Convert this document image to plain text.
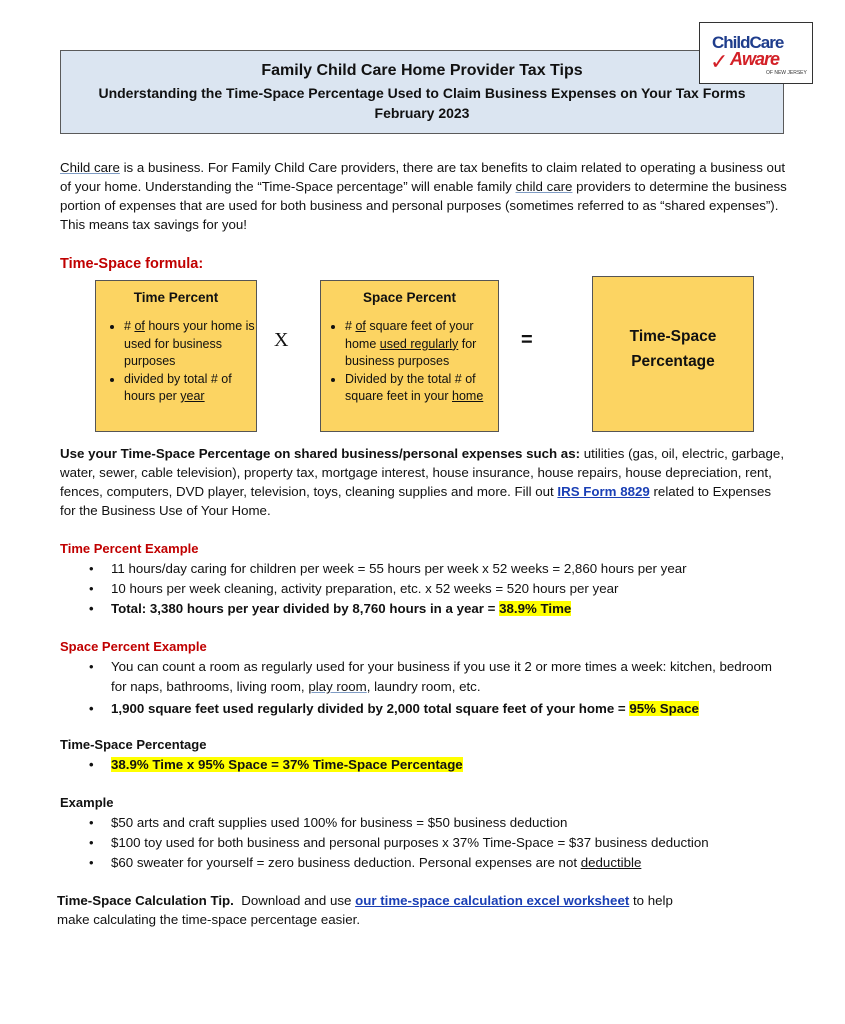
Family Child Care Home Provider Tax Tips
Understanding the Time-Space Percentage Used to Claim Business Expenses on Your Tax Forms
February 2023
ChildCare
✓ Aware
OF NEW JERSEY
Child care is a business. For Family Child Care providers, there are tax benefits to claim related to operating a business out of your home. Understanding the “Time-Space percentage” will enable family child care providers to determine the business portion of expenses that are used for both business and personal purposes (sometimes referred to as “shared expenses”). This means tax savings for you!
Time-Space formula:
Time Percent
• # of hours your home is used for business purposes
• divided by total # of hours per year
X
Space Percent
• # of square feet of your home used regularly for business purposes
• Divided by the total # of square feet in your home
=	Time-Space
Percentage
Use your Time-Space Percentage on shared business/personal expenses such as: utilities (gas, oil, electric, garbage, water, sewer, cable television), property tax, mortgage interest, house insurance, house repairs, house depreciation, rent, fences, computers, DVD player, television, toys, cleaning supplies and more. Fill out IRS Form 8829 related to Expenses for the Business Use of Your Home.
Time Percent Example
• 11 hours/day caring for children per week = 55 hours per week x 52 weeks = 2,860 hours per year
• 10 hours per week cleaning, activity preparation, etc. x 52 weeks = 520 hours per year
• Total: 3,380 hours per year divided by 8,760 hours in a year = 38.9% Time
Space Percent Example
• You can count a room as regularly used for your business if you use it 2 or more times a week: kitchen, bedroom for naps, bathrooms, living room, play room, laundry room, etc.
• 1,900 square feet used regularly divided by 2,000 total square feet of your home = 95% Space
Time-Space Percentage
• 38.9% Time x 95% Space = 37% Time-Space Percentage
Example
• $50 arts and craft supplies used 100% for business = $50 business deduction
• $100 toy used for both business and personal purposes x 37% Time-Space = $37 business deduction
• $60 sweater for yourself = zero business deduction. Personal expenses are not deductible
Time-Space Calculation Tip.  Download and use our time-space calculation excel worksheet to help make calculating the time-space percentage easier.
